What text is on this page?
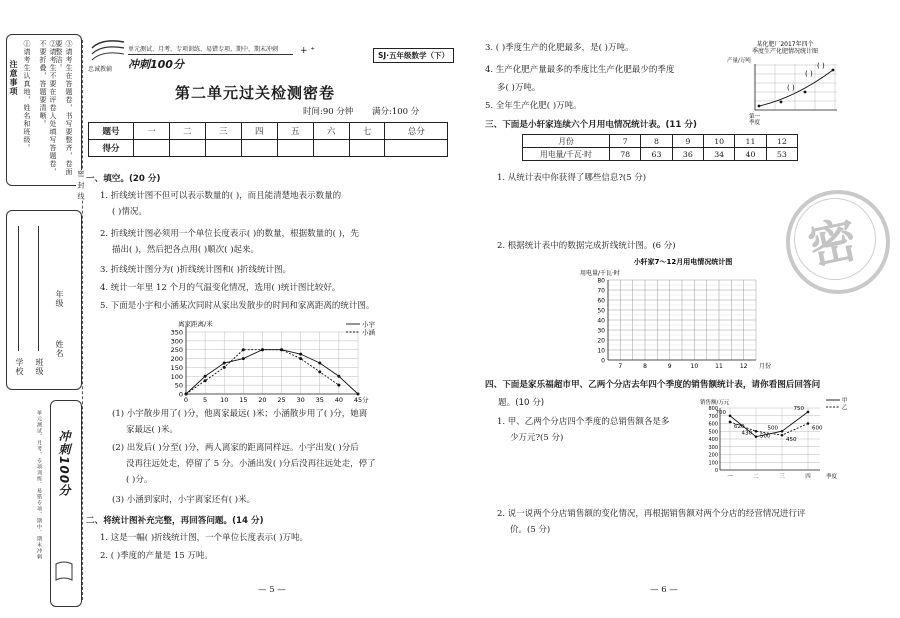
注意事项 ①请考生认真地，姓名和班级。	②请考生不要在评卷人处填写答题卷，不要折叠，答题要清晰。	③请考生在答题卷，书写要整齐，卷面要整洁。
学校 班级
年级
姓名
冲刺100分
单元测试、月考、专项训练、易错专项、期中、期末冲刺
密 封 线
忠诚教辅
单元测试、月考、专项训练、易错专项、期中、期末冲刺
冲刺100分
+ ⁺	SJ·五年级数学（下）
第二单元过关检测密卷
时间:90 分钟 满分:100 分
题号	一	二	三	四	五	六	七	总分
得分								
一、填空。(20 分)
1. 折线统计图不但可以表示数量的( )，而且能清楚地表示数量的
( )情况。
2. 折线统计图必须用一个单位长度表示( )的数量，根据数量的( )，先
描出( )，然后把各点用( )顺次( )起来。
3. 折线统计图分为( )折线统计图和( )折线统计图。
4. 统计一年里 12 个月的气温变化情况，选用( )统计图比较好。
5. 下面是小宇和小涵某次同时从家出发散步的时间和家离距离的统计图。
0
50
100
150
200
250
300
350
0 5 10 15 20 25 30 35 40 45
离家距离/米
分
小宇
小涵
(1) 小宇散步用了( )分，他离家最远( )米；小涵散步用了( )分，她离
家最远( )米。
(2) 出发后( )分至( )分，两人离家的距离同样远。小宇出发( )分后
没再往远处走，停留了 5 分。小涵出发( )分后没再往远处走，停了
( )分。
(3) 小涵到家时，小宇离家还有( )米。
二、将统计图补充完整，再回答问题。(14 分)
1. 这是一幅( )折线统计图，一个单位长度表示( )万吨。
2. ( )季度的产量是 15 万吨。
— 5 —
3. ( )季度生产的化肥最多，是( )万吨。
4. 生产化肥产量最多的季度比生产化肥最少的季度
多( )万吨。
5. 全年生产化肥( )万吨。
某化肥厂2017年四个
季度生产化肥情况统计图
产量/万吨
( )
( )
( )
第一
季度
三、下面是小轩家连续六个月用电情况统计表。(11 分)
月份	7	8	9	10	11	12
用电量/千瓦·时	78	63	36	34	40	53
1. 从统计表中你获得了哪些信息?(5 分)
密
2. 根据统计表中的数据完成折线统计图。(6 分)
小轩家7～12月用电情况统计图
用电量/千瓦·时
0
10
20
30
40
50
60
70
80
7	8	9	10	11	12 月份
四、下面是家乐福超市甲、乙两个分店去年四个季度的销售额统计表，请你看图后回答问
题。(10 分)
1. 甲、乙两个分店四个季度的总销售额各是多
少万元?(5 分)
销售额/万元
0
100
200
300
400
500
600
700
800
一	二	三	四	季度
700
430
500
750
甲
620
500
450
600
乙
2. 说一说两个分店销售额的变化情况，再根据销售额对两个分店的经营情况进行评
价。(5 分)
— 6 —
